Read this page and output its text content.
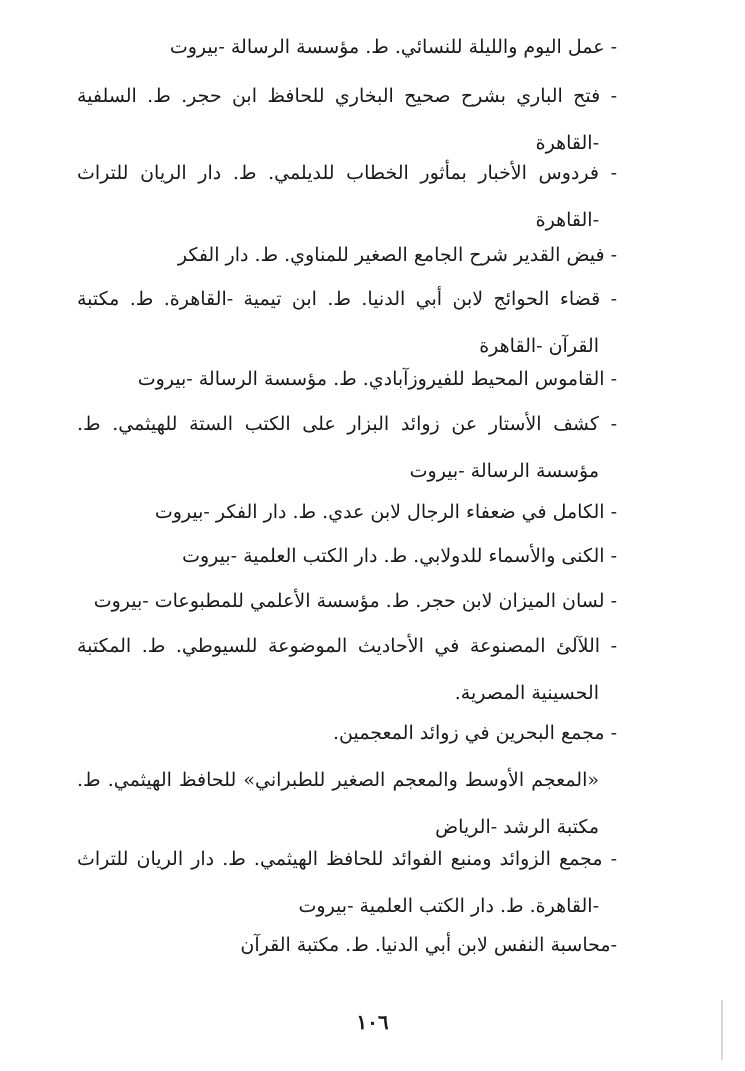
- عمل اليوم والليلة للنسائي. ط. مؤسسة الرسالة -بيروت
- فتح الباري بشرح صحيح البخاري للحافظ ابن حجر. ط. السلفية
-القاهرة
- فردوس الأخبار بمأثور الخطاب للديلمي. ط. دار الريان للتراث
-القاهرة
- فيض القدير شرح الجامع الصغير للمناوي. ط. دار الفكر
- قضاء الحوائج لابن أبي الدنيا. ط. ابن تيمية -القاهرة. ط. مكتبة
القرآن -القاهرة
- القاموس المحيط للفيروزآبادي. ط. مؤسسة الرسالة -بيروت
- كشف الأستار عن زوائد البزار على الكتب الستة للهيثمي. ط.
مؤسسة الرسالة -بيروت
- الكامل في ضعفاء الرجال لابن عدي. ط. دار الفكر -بيروت
- الكنى والأسماء للدولابي. ط. دار الكتب العلمية -بيروت
- لسان الميزان لابن حجر. ط. مؤسسة الأعلمي للمطبوعات -بيروت
- اللآلئ المصنوعة في الأحاديث الموضوعة للسيوطي. ط. المكتبة
الحسينية المصرية.
- مجمع البحرين في زوائد المعجمين.
«المعجم الأوسط والمعجم الصغير للطبراني» للحافظ الهيثمي. ط.
مكتبة الرشد -الرياض
- مجمع الزوائد ومنبع الفوائد للحافظ الهيثمي. ط. دار الريان للتراث
-القاهرة. ط. دار الكتب العلمية -بيروت
-محاسبة النفس لابن أبي الدنيا. ط. مكتبة القرآن
١٠٦
